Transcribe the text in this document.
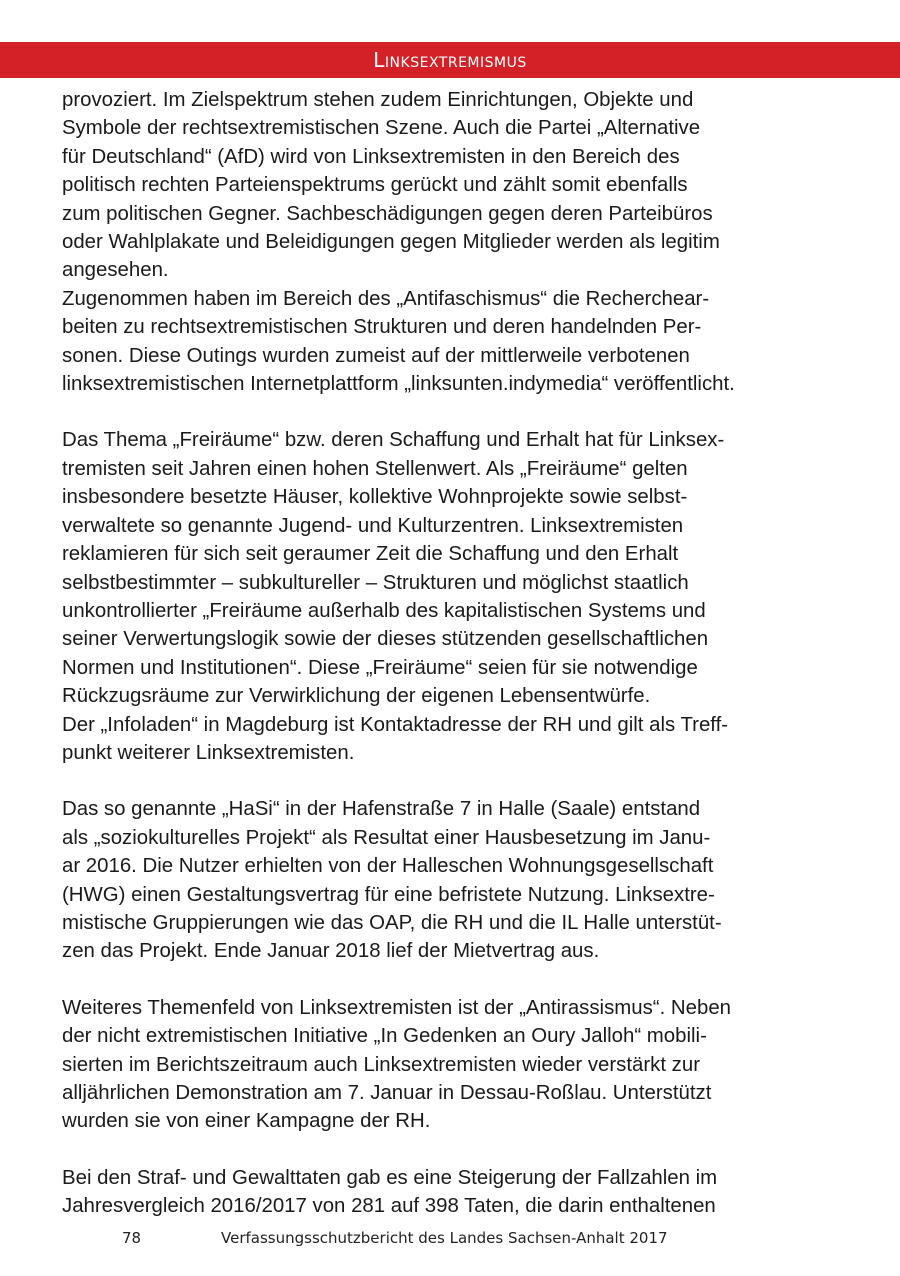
Linksextremismus

provoziert. Im Zielspektrum stehen zudem Einrichtungen, Objekte und
Symbole der rechtsextremistischen Szene. Auch die Partei „Alternative
für Deutschland“ (AfD) wird von Linksextremisten in den Bereich des
politisch rechten Parteienspektrums gerückt und zählt somit ebenfalls
zum politischen Gegner. Sachbeschädigungen gegen deren Parteibüros
oder Wahlplakate und Beleidigungen gegen Mitglieder werden als legitim
angesehen.

Zugenommen haben im Bereich des „Antifaschismus“ die Recherchear-
beiten zu rechtsextremistischen Strukturen und deren handelnden Per-
sonen. Diese Outings wurden zumeist auf der mittlerweile verbotenen
linksextremistischen Internetplattform „linksunten.indymedia“ veröffentlicht.

Das Thema „Freiräume“ bzw. deren Schaffung und Erhalt hat für Linksex-
tremisten seit Jahren einen hohen Stellenwert. Als „Freiräume“ gelten
insbesondere besetzte Häuser, kollektive Wohnprojekte sowie selbst-
verwaltete so genannte Jugend- und Kulturzentren. Linksextremisten
reklamieren für sich seit geraumer Zeit die Schaffung und den Erhalt
selbstbestimmter – subkultureller – Strukturen und möglichst staatlich
unkontrollierter „Freiräume außerhalb des kapitalistischen Systems und
seiner Verwertungslogik sowie der dieses stützenden gesellschaftlichen
Normen und Institutionen“. Diese „Freiräume“ seien für sie notwendige
Rückzugsräume zur Verwirklichung der eigenen Lebensentwürfe.

Der „Infoladen“ in Magdeburg ist Kontaktadresse der RH und gilt als Treff-
punkt weiterer Linksextremisten.

Das so genannte „HaSi“ in der Hafenstraße 7 in Halle (Saale) entstand
als „soziokulturelles Projekt“ als Resultat einer Hausbesetzung im Janu-
ar 2016. Die Nutzer erhielten von der Halleschen Wohnungsgesellschaft
(HWG) einen Gestaltungsvertrag für eine befristete Nutzung. Linksextre-
mistische Gruppierungen wie das OAP, die RH und die IL Halle unterstüt-
zen das Projekt. Ende Januar 2018 lief der Mietvertrag aus.

Weiteres Themenfeld von Linksextremisten ist der „Antirassismus“. Neben
der nicht extremistischen Initiative „In Gedenken an Oury Jalloh“ mobili-
sierten im Berichtszeitraum auch Linksextremisten wieder verstärkt zur
alljährlichen Demonstration am 7. Januar in Dessau-Roßlau. Unterstützt
wurden sie von einer Kampagne der RH.

Bei den Straf- und Gewalttaten gab es eine Steigerung der Fallzahlen im
Jahresvergleich 2016/2017 von 281 auf 398 Taten, die darin enthaltenen

78	Verfassungsschutzbericht des Landes Sachsen-Anhalt 2017
